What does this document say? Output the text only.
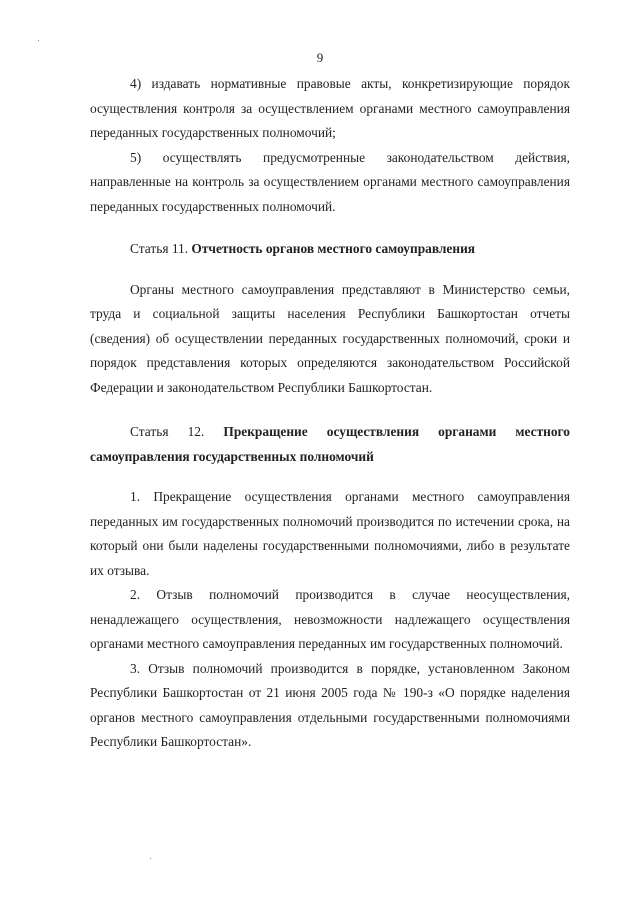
9

4) издавать нормативные правовые акты, конкретизирующие порядок осуществления контроля за осуществлением органами местного самоуправления переданных государственных полномочий;

5) осуществлять предусмотренные законодательством действия, направленные на контроль за осуществлением органами местного самоуправления переданных государственных полномочий.

Статья 11. Отчетность органов местного самоуправления

Органы местного самоуправления представляют в Министерство семьи, труда и социальной защиты населения Республики Башкортостан отчеты (сведения) об осуществлении переданных государственных полномочий, сроки и порядок представления которых определяются законодательством Российской Федерации и законодательством Республики Башкортостан.

Статья 12. Прекращение осуществления органами местного самоуправления государственных полномочий

1. Прекращение осуществления органами местного самоуправления переданных им государственных полномочий производится по истечении срока, на который они были наделены государственными полномочиями, либо в результате их отзыва.

2. Отзыв полномочий производится в случае неосуществления, ненадлежащего осуществления, невозможности надлежащего осуществления органами местного самоуправления переданных им государственных полномочий.

3. Отзыв полномочий производится в порядке, установленном Законом Республики Башкортостан от 21 июня 2005 года № 190-з «О порядке наделения органов местного самоуправления отдельными государственными полномочиями Республики Башкортостан».
